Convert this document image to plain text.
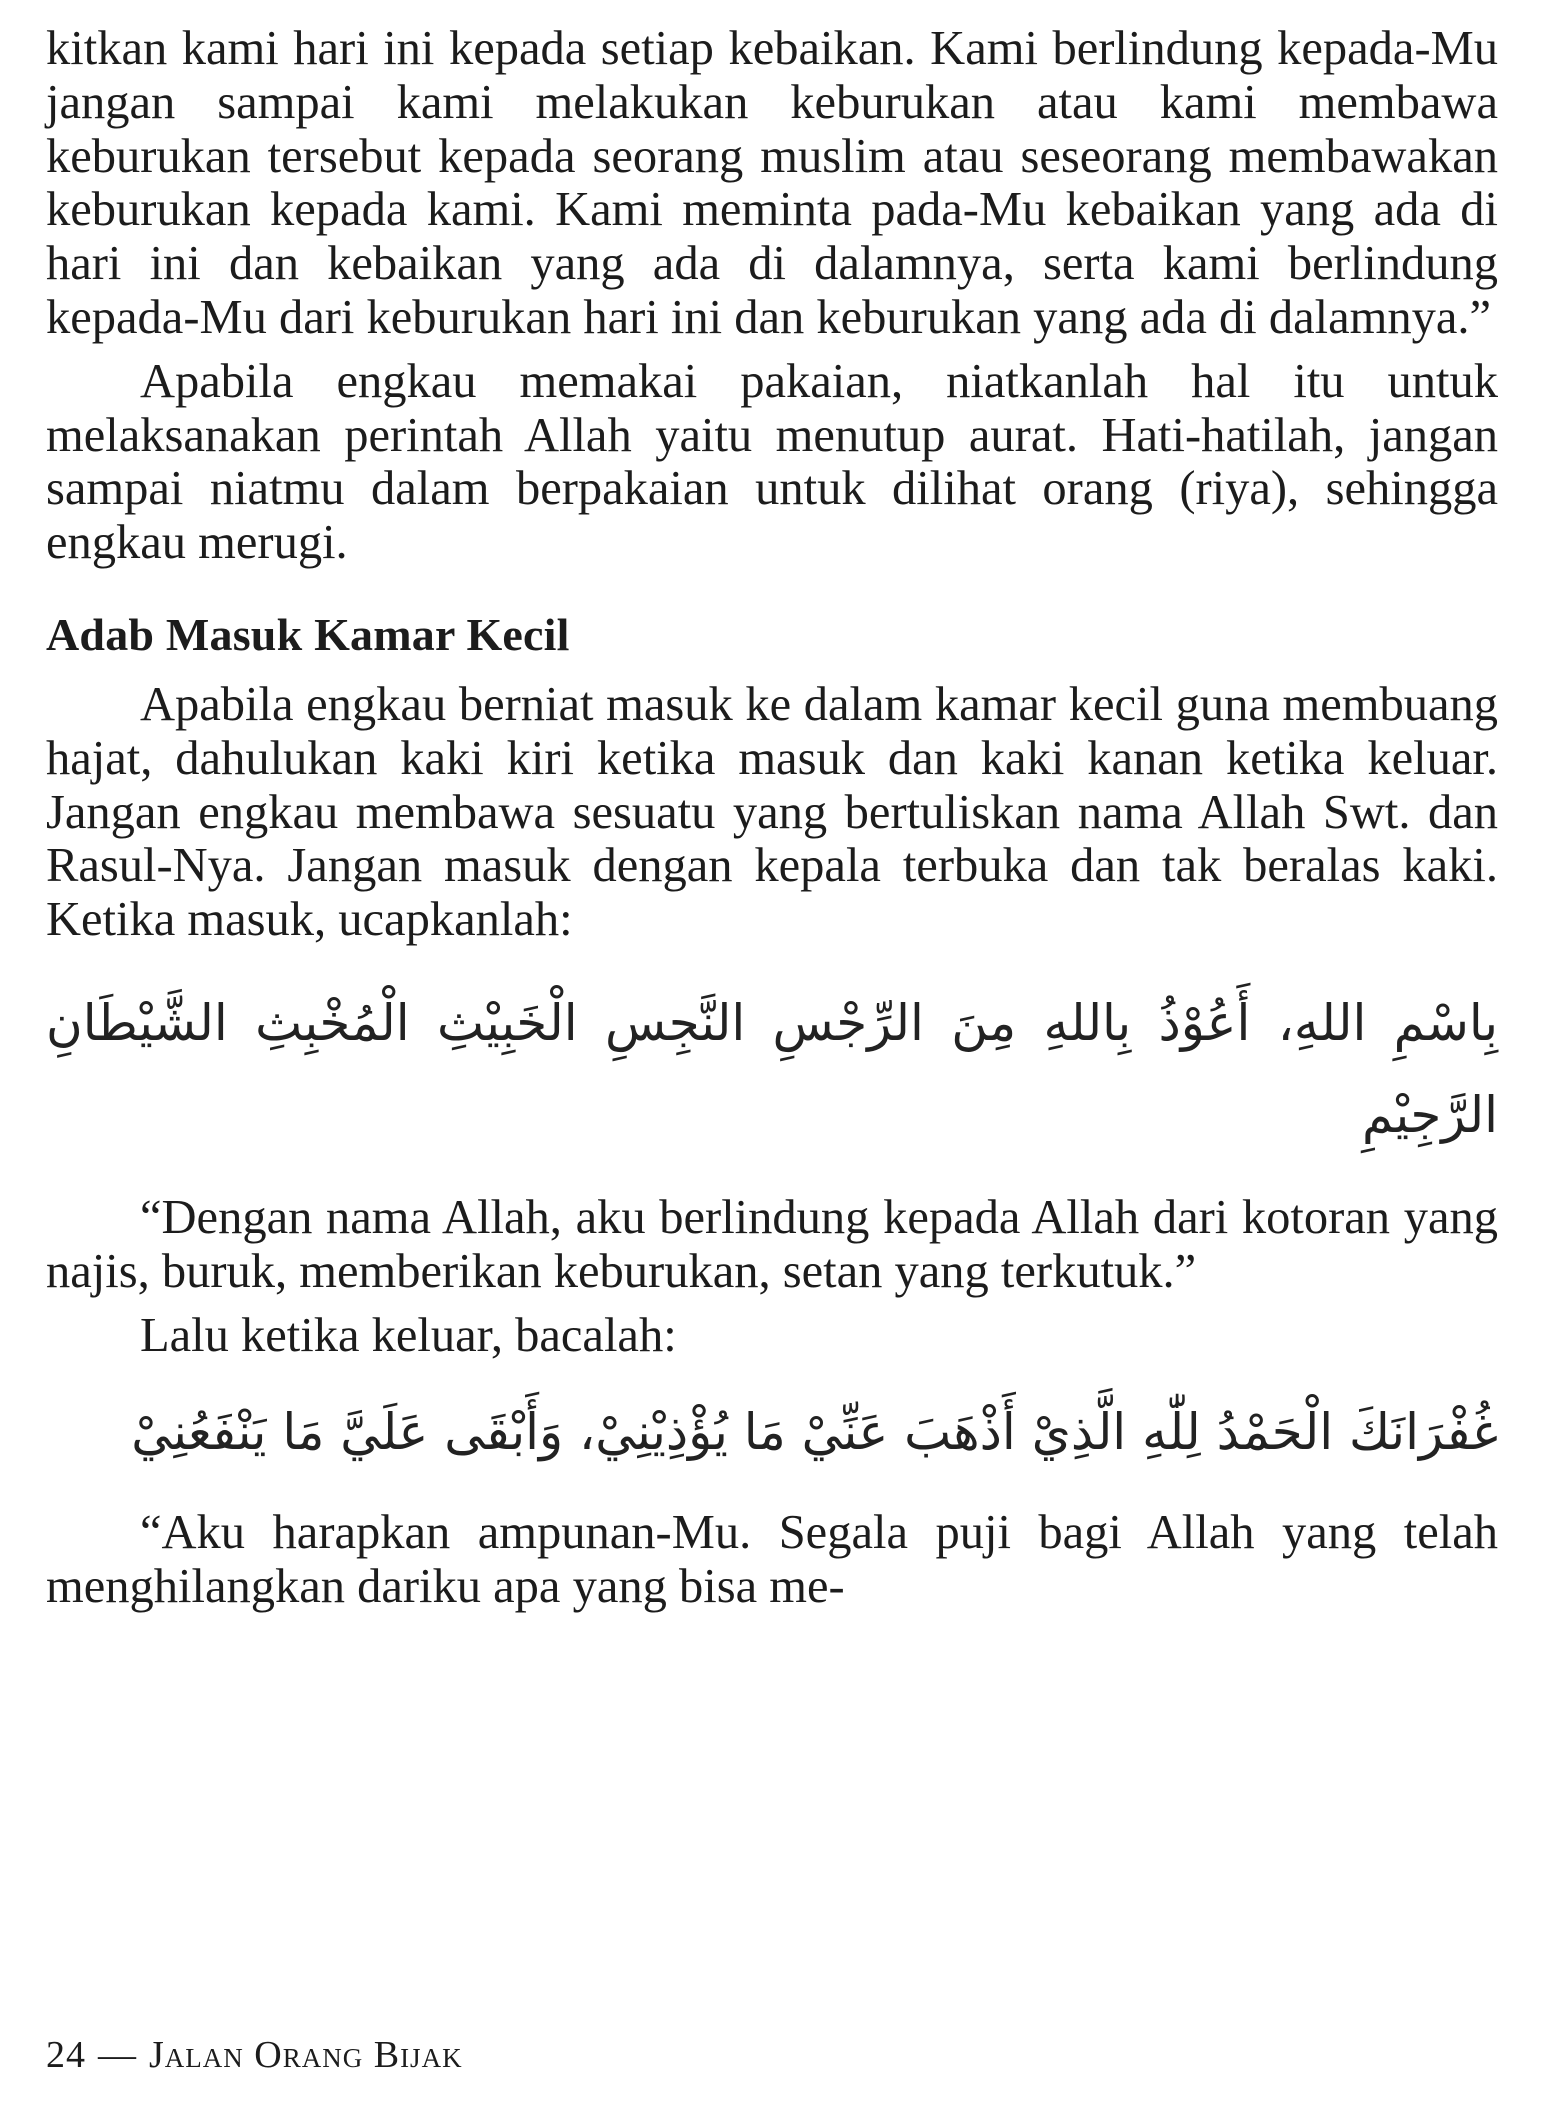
kitkan kami hari ini kepada setiap kebaikan. Kami berlindung kepada-Mu jangan sampai kami melakukan keburukan atau kami membawa keburukan tersebut kepada seorang muslim atau seseorang membawakan keburukan kepada kami. Kami meminta pada-Mu kebaikan yang ada di hari ini dan kebaikan yang ada di dalamnya, serta kami berlindung kepada-Mu dari keburukan hari ini dan keburukan yang ada di dalamnya.”

Apabila engkau memakai pakaian, niatkanlah hal itu untuk melaksanakan perintah Allah yaitu menutup aurat. Hati-hatilah, jangan sampai niatmu dalam berpakaian untuk dilihat orang (riya), sehingga engkau merugi.

Adab Masuk Kamar Kecil

Apabila engkau berniat masuk ke dalam kamar kecil guna membuang hajat, dahulukan kaki kiri ketika masuk dan kaki kanan ketika keluar. Jangan engkau membawa sesuatu yang bertuliskan nama Allah Swt. dan Rasul-Nya. Jangan masuk dengan kepala terbuka dan tak beralas kaki. Ketika masuk, ucapkanlah:

بِاسْمِ اللهِ، أَعُوْذُ بِاللهِ مِنَ الرِّجْسِ النَّجِسِ الْخَبِيْثِ الْمُخْبِثِ الشَّيْطَانِ الرَّجِيْمِ

“Dengan nama Allah, aku berlindung kepada Allah dari kotoran yang najis, buruk, memberikan keburukan, setan yang terkutuk.”

Lalu ketika keluar, bacalah:

غُفْرَانَكَ الْحَمْدُ لِلّٰهِ الَّذِيْ أَذْهَبَ عَنِّيْ مَا يُؤْذِيْنِيْ، وَأَبْقَى عَلَيَّ مَا يَنْفَعُنِيْ

“Aku harapkan ampunan-Mu. Segala puji bagi Allah yang telah menghilangkan dariku apa yang bisa me-

24 — Jalan Orang Bijak
